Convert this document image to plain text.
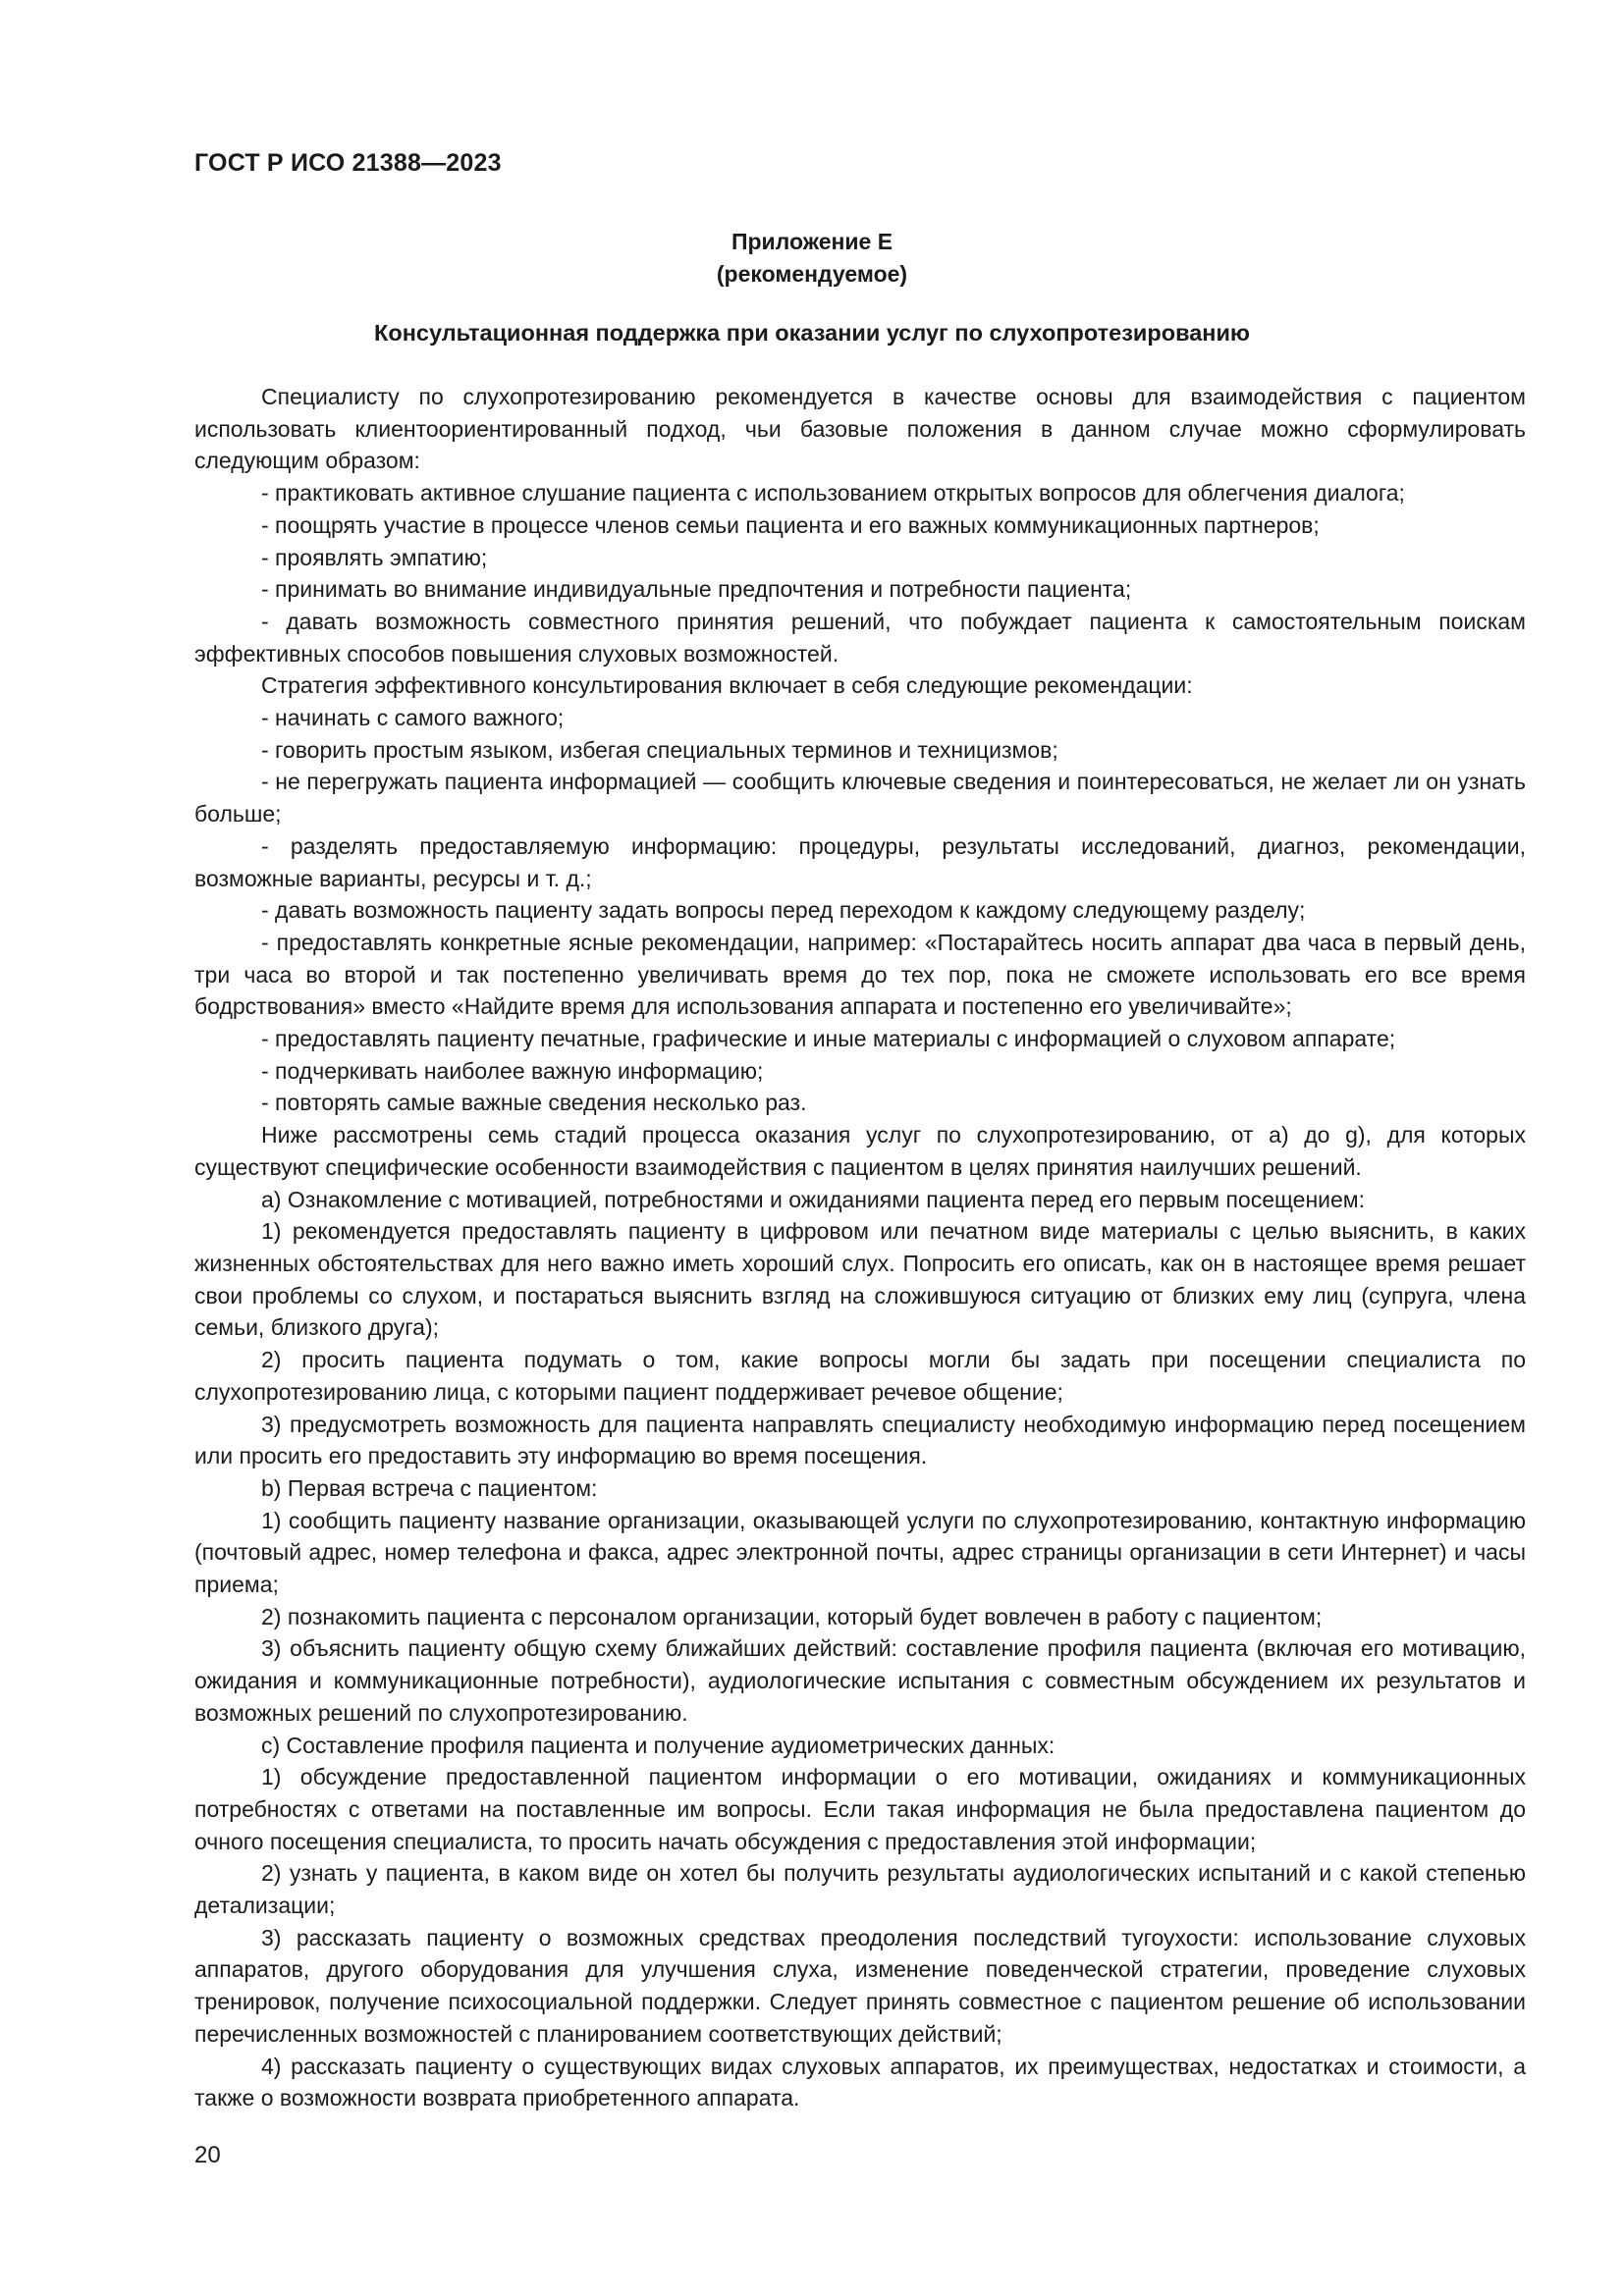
ГОСТ Р ИСО 21388—2023
Приложение Е
(рекомендуемое)
Консультационная поддержка при оказании услуг по слухопротезированию

Специалисту по слухопротезированию рекомендуется в качестве основы для взаимодействия с пациентом использовать клиентоориентированный подход, чьи базовые положения в данном случае можно сформулировать следующим образом:

- практиковать активное слушание пациента с использованием открытых вопросов для облегчения диалога;

- поощрять участие в процессе членов семьи пациента и его важных коммуникационных партнеров;

- проявлять эмпатию;

- принимать во внимание индивидуальные предпочтения и потребности пациента;

- давать возможность совместного принятия решений, что побуждает пациента к самостоятельным поискам эффективных способов повышения слуховых возможностей.

Стратегия эффективного консультирования включает в себя следующие рекомендации:

- начинать с самого важного;

- говорить простым языком, избегая специальных терминов и техницизмов;

- не перегружать пациента информацией — сообщить ключевые сведения и поинтересоваться, не желает ли он узнать больше;

- разделять предоставляемую информацию: процедуры, результаты исследований, диагноз, рекомендации, возможные варианты, ресурсы и т. д.;

- давать возможность пациенту задать вопросы перед переходом к каждому следующему разделу;

- предоставлять конкретные ясные рекомендации, например: «Постарайтесь носить аппарат два часа в первый день, три часа во второй и так постепенно увеличивать время до тех пор, пока не сможете использовать его все время бодрствования» вместо «Найдите время для использования аппарата и постепенно его увеличивайте»;

- предоставлять пациенту печатные, графические и иные материалы с информацией о слуховом аппарате;

- подчеркивать наиболее важную информацию;

- повторять самые важные сведения несколько раз.

Ниже рассмотрены семь стадий процесса оказания услуг по слухопротезированию, от a) до g), для которых существуют специфические особенности взаимодействия с пациентом в целях принятия наилучших решений.

a) Ознакомление с мотивацией, потребностями и ожиданиями пациента перед его первым посещением:

1) рекомендуется предоставлять пациенту в цифровом или печатном виде материалы с целью выяснить, в каких жизненных обстоятельствах для него важно иметь хороший слух. Попросить его описать, как он в настоящее время решает свои проблемы со слухом, и постараться выяснить взгляд на сложившуюся ситуацию от близких ему лиц (супруга, члена семьи, близкого друга);

2) просить пациента подумать о том, какие вопросы могли бы задать при посещении специалиста по слухопротезированию лица, с которыми пациент поддерживает речевое общение;

3) предусмотреть возможность для пациента направлять специалисту необходимую информацию перед посещением или просить его предоставить эту информацию во время посещения.

b) Первая встреча с пациентом:

1) сообщить пациенту название организации, оказывающей услуги по слухопротезированию, контактную информацию (почтовый адрес, номер телефона и факса, адрес электронной почты, адрес страницы организации в сети Интернет) и часы приема;

2) познакомить пациента с персоналом организации, который будет вовлечен в работу с пациентом;

3) объяснить пациенту общую схему ближайших действий: составление профиля пациента (включая его мотивацию, ожидания и коммуникационные потребности), аудиологические испытания с совместным обсуждением их результатов и возможных решений по слухопротезированию.

c) Составление профиля пациента и получение аудиометрических данных:

1) обсуждение предоставленной пациентом информации о его мотивации, ожиданиях и коммуникационных потребностях с ответами на поставленные им вопросы. Если такая информация не была предоставлена пациентом до очного посещения специалиста, то просить начать обсуждения с предоставления этой информации;

2) узнать у пациента, в каком виде он хотел бы получить результаты аудиологических испытаний и с какой степенью детализации;

3) рассказать пациенту о возможных средствах преодоления последствий тугоухости: использование слуховых аппаратов, другого оборудования для улучшения слуха, изменение поведенческой стратегии, проведение слуховых тренировок, получение психосоциальной поддержки. Следует принять совместное с пациентом решение об использовании перечисленных возможностей с планированием соответствующих действий;

4) рассказать пациенту о существующих видах слуховых аппаратов, их преимуществах, недостатках и стоимости, а также о возможности возврата приобретенного аппарата.

20
